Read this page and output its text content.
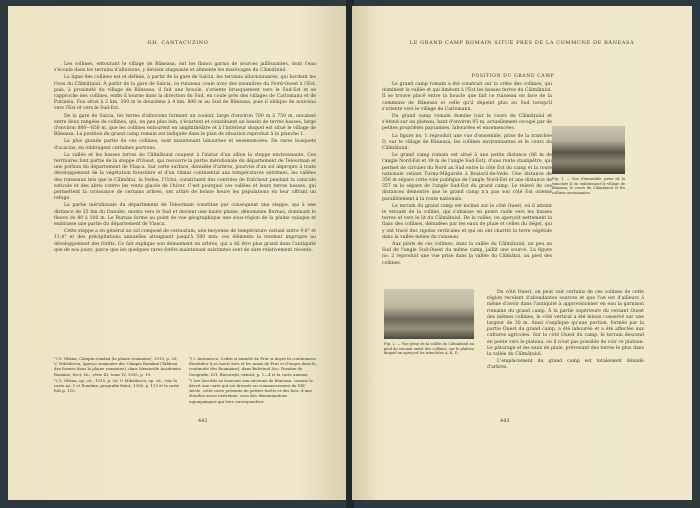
GH. CANTACUZINO

Les collines, entourant le village de Băneasa, ont les flancs garnis de sources jaillissantes, dont l'eau s'écoule dans les terrains d'alluvions, y devient stagnante et alimente les marécages du Călmățuiul.

La ligne des collines est et définie, à partir de la gare de Salcia, les terrains alluvionnaires, qui bordent les rives du Călmățuiul. À partir de la gare de Salcia, ce ruisseau coule avec des méandres du Nord-Ouest à l'Est, puis, à proximité du village de Băneasa, il fait une boucle, s'oriente brusquement vers le Sud-Est et se rapproche des collines, enfin il tourne dans la direction du Sud, en coule près des villages de Carlomanu et de Putineiu. Fou situé à 2 km. 300 m le deuxième à 4 km. 800 m au Sud de Băneasa, puis il oblique de nouveau vers l'Est et vers le Sud-Est.

De la gare de Salcia, les terres d'alluvions forment un couloir, large d'environ 700 m à 750 m, encaissé entre deux rangées de collines, qui, un peu plus loin, s'écartent et constituent un bassin de terres basses, large d'environ 800—850 m, que les collines entourent en amphithéâtre et à l'intérieur duquel est situé le village de Băneasa. La position du grand camp romain est indiquée dans le plan de situation reproduit à la planche 1.

La plus grande partie de ces collines, sont maintenant labourées et ensemencées. De rares bosquets d'acacias, en ombragent certaines portions.

La vallée et les basses terres du Călmățuiul coupent à l'instar d'un sillon la steppe environnante. Ces territoires font partie de la steppe d'Ouest, qui recouvre la partie méridionale du département de Teleorman et une portion du département de Vlașca. Sur cette surface, dénudée d'arbres, pourvue d'un sol impropre à toute développement de la végétation forestière et d'un climat continental aux températures extrêmes, les vallées des ruisseaux tels que le Călmățui, la Vedea, l'Urlui, constituent des contrées de fraîcheur pendant la canicule estivale et des abris contre les vents glacés de l'hiver. C'est pourquoi ces vallées et leurs terres basses, qui permettent la croissance de certains arbres, ont attiré de bonne heure les populations en leur offrant un refuge.

La partie méridionale du département de Teleorman constitue par conséquent une steppe, qui à une distance de 25 km du Danube, monte vers le Sud et devient une haute plaine, dénommée Burnas, dominant le fleuve de 80 à 100 m. Le Burnas forme au point de vue géographique une sous-région de la plaine valaque et embrasse une partie du département de Vlașca.

Cette steppe a en général un sol composé de cernozium, une moyenne de température variant entre 9,6° et 11,4° et des précipitations annuelles atteignant jusqu'à 500 mm: ces éléments la rendent impropre au développement des forêts. Ce fait explique son dénuement en arbres, qui a dû être plus grand dans l'antiquité que de nos jours, parce que les quelques rares forêts maintenant existantes sont de date relativement récente.

¹) G. Vâlsan, Câmpia română (la plaine roumaine), 1915, p. 26; V. Mihăilescu, Aperçu sommaire des Câmpia Română (Tableau des formes dans la plaine roumaine), dans Memoriile Academiei Române, Secț. Ist., série III, tome IV, 1935, p. 19.
²) G. Vâlsan, op. cit., 1915, p. 26; V. Mihăilescu, op. cit., voir la carte no. 1 et Romînia, geografia fizică, 1936, p. 113 et la carte fols p. 115.
³) I. Antonescu, Codrii și numele de Prut și Argeș în continuarea Romînilor (Les hauts bois et les noms de Prut et d'Argeș dans la continuité des Roumains), dans Buletinul Soc. Romîne de Geografie, LVI, București, extrait, p. 1—4 et la carte annexe.
⁴) Les lieu-dits se trouvent aux environs de Băneasa, comme le décrit une carte qui est dressée au commencement du XIXᵉ siècle, cette carte présente de petites forêts et des bois, d'une étendue assez restreinte, sous des dénominations toponymiques qui leur correspondent.
442
LE GRAND CAMP ROMAIN SITUÉ PRÈS DE LA COMMUNE DE BĂNEASA
POSITION DU GRAND CAMP

Le grand camp romain a été construit sur la crête des collines, qui dominent la vallée et qui limitent à l'Est les basses terres du Călmățuiul. Il se trouve placé entre la boucle que fait ce ruisseau en face de la commune de Băneasa et celle qu'il dépeint plus au Sud lorsqu'il s'oriente vers le village de Carlomanu.

Du grand camp romain domine tout le cours du Călmățuiul et s'étend sur un plateau, haut d'environ 95 m, actuellement occupé par de petites propriétés paysannes, labourées et ensemencées.

La figure no. 1 reproduit une vue d'ensemble, prise de la tranchée D, sur le village de Băneasa, les collines environnantes et le cours du Călmățuiul.

Le grand camp romain est situé à une petite distance (86 m de l'angle Nord-Est et 39 m de l'angle Sud-Est), d'une route champêtre, qui permet de circuler du Nord au Sud entre la côte Est du camp et la route nationale reliant Turnu-Măgurele à Roșiorii-de-Vede. Une distance de 356 m sépare cette voie publique de l'angle Nord-Est et une distance de 357 m la sépare de l'angle Sud-Est du grand camp. Le relevé de ces distances démontre que le grand camp n'a pas son côté Est orienté parallèlement à la route nationale.

Le terrain du grand camp est incliné sur le côté Ouest, où il atteint le versant de la colline, qui s'abaisse en pente raide vers les basses terres et vers le lit du Călmățuiul. De la vallée, on aperçoit nettement la flanc des collines, dénudées par les eaux de pluie et celles du dégel, qui y ont tracé des rigoles verticales et qui en ont charrié la terre végétale dans la vallée même du ruisseau.

Aux pieds de ces collines, dans la vallée du Călmățuiul, un peu au Sud de l'angle Sud-Ouest du même camp, jaillit une source. La figure no. 2 reproduit une vue prise dans la vallée du Călmățui, au pied des collines.

Fig. 1. — Vue d'ensemble, prise de la tranchée D en embrassant le village de Băneasa, le cours du Călmățuiul et les collines avoisinantes.
Fig. 2. — Vue prise de la vallée du Călmățuiul au pied du versant ouest des collines, sur le plateau duquel on aperçoit les tranchées A, E, D.

Du côté Ouest, on peut voir certains de ces collines de cette région recelant d'abondantes sources et que l'on est d'ailleurs à même d'avoir dans l'antiquité à approvisionner en eau la garnison romaine du grand camp. À la partie supérieure du versant Ouest des mêmes collines, le côté vertical a été mieux conservé sur une largeur de 30 m. Ainsi s'explique qu'une portion, formée par la partie Ouest du grand camp, a été labourée et a été affectée aux cultures agricoles. Sur le côté Ouest du camp, le terrain descend en pente vers le plateau, où il n'est pas possible de voir ce plateau. Le pâturage et les eaux de pluie, prévenant des terres le plus dans la vallée du Călmățuiul.

L'emplacement du grand camp est totalement dénudé d'arbres.

443
